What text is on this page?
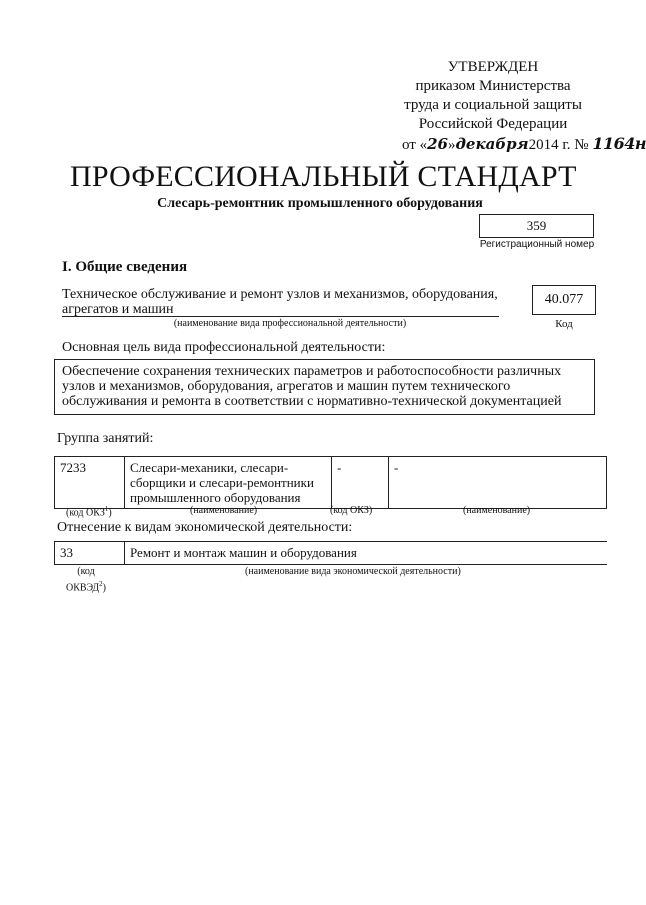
УТВЕРЖДЕН
приказом Министерства
труда и социальной защиты
Российской Федерации
от «26»декабря2014 г. № 1164н
ПРОФЕССИОНАЛЬНЫЙ СТАНДАРТ
Слесарь-ремонтник промышленного оборудования
359
Регистрационный номер
I. Общие сведения
Техническое обслуживание и ремонт узлов и механизмов, оборудования, агрегатов и машин
(наименование вида профессиональной деятельности)
40.077
Код
Основная цель вида профессиональной деятельности:
Обеспечение сохранения технических параметров и работоспособности различных узлов и механизмов, оборудования, агрегатов и машин путем технического обслуживания и ремонта в соответствии с нормативно-технической документацией
Группа занятий:
7233	Слесари-механики, слесари-сборщики и слесари-ремонтники промышленного оборудования	-	-
(код ОКЗ$^1$)	(наименование)	(код ОКЗ)	(наименование)
Отнесение к видам экономической деятельности:
33	Ремонт и монтаж машин и оборудования
(код
ОКВЭД$^2$)
(наименование вида экономической деятельности)
